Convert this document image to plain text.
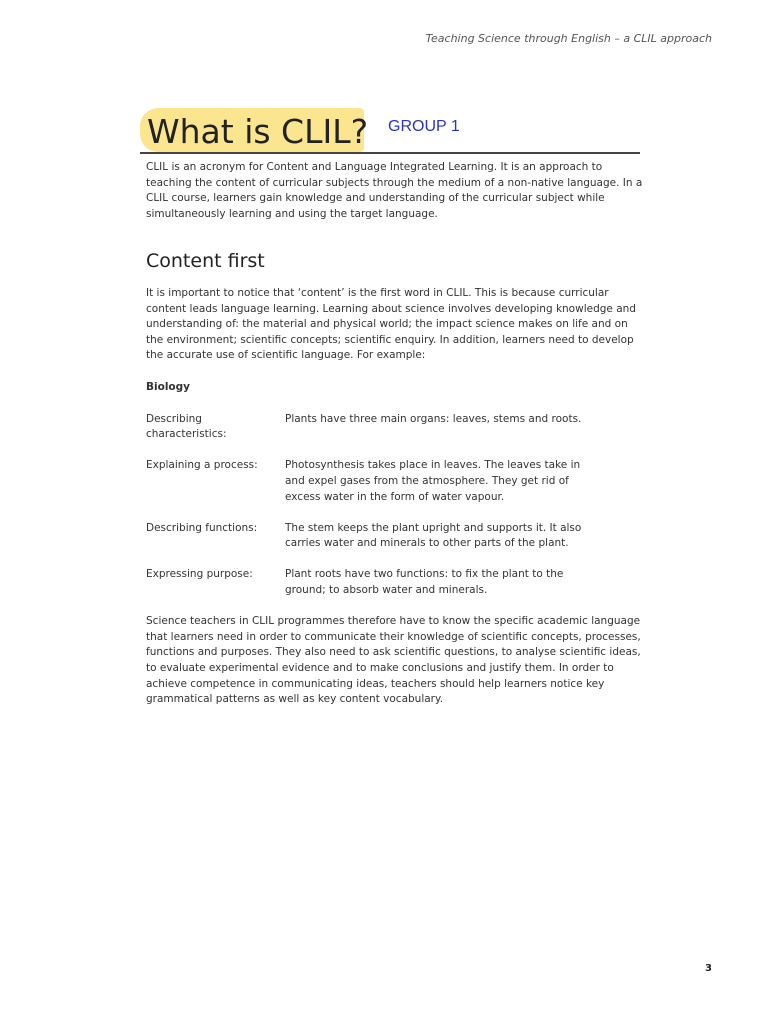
Teaching Science through English – a CLIL approach
What is CLIL? GROUP 1

CLIL is an acronym for Content and Language Integrated Learning. It is an approach to teaching the content of curricular subjects through the medium of a non-native language. In a CLIL course, learners gain knowledge and understanding of the curricular subject while simultaneously learning and using the target language.

Content first

It is important to notice that ‘content’ is the first word in CLIL. This is because curricular content leads language learning. Learning about science involves developing knowledge and understanding of: the material and physical world; the impact science makes on life and on the environment; scientific concepts; scientific enquiry. In addition, learners need to develop the accurate use of scientific language. For example:

Biology

Describing characteristics:
Plants have three main organs: leaves, stems and roots.
Explaining a process:	Photosynthesis takes place in leaves. The leaves take in and expel gases from the atmosphere. They get rid of excess water in the form of water vapour.
Describing functions:	The stem keeps the plant upright and supports it. It also carries water and minerals to other parts of the plant.
Expressing purpose:	Plant roots have two functions: to fix the plant to the ground; to absorb water and minerals.

Science teachers in CLIL programmes therefore have to know the specific academic language that learners need in order to communicate their knowledge of scientific concepts, processes, functions and purposes. They also need to ask scientific questions, to analyse scientific ideas, to evaluate experimental evidence and to make conclusions and justify them. In order to achieve competence in communicating ideas, teachers should help learners notice key grammatical patterns as well as key content vocabulary.

3
